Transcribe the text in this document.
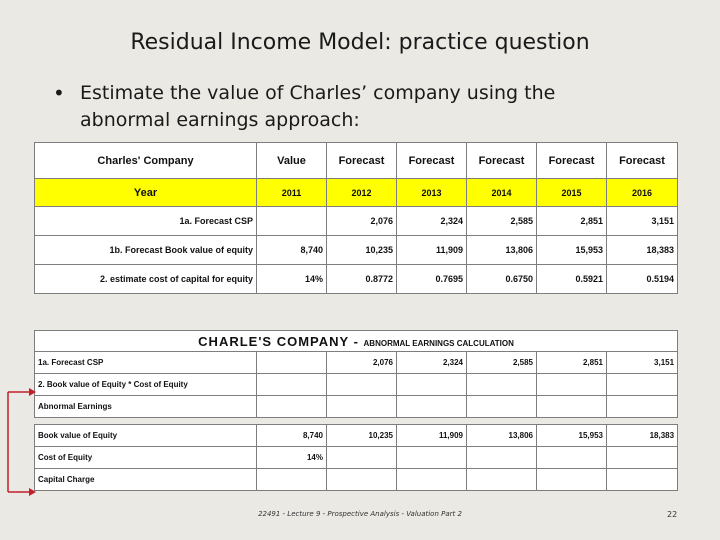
Residual Income Model: practice question
• Estimate the value of Charles’ company using the abnormal earnings approach:
Charles' Company	Value	Forecast	Forecast	Forecast	Forecast	Forecast
Year	2011	2012	2013	2014	2015	2016
1a. Forecast CSP		2,076	2,324	2,585	2,851	3,151
1b. Forecast Book value of equity	8,740	10,235	11,909	13,806	15,953	18,383
2. estimate cost of capital for equity	14%	0.8772	0.7695	0.6750	0.5921	0.5194
CHARLE'S COMPANY - ABNORMAL EARNINGS CALCULATION						
1a. Forecast CSP		2,076	2,324	2,585	2,851	3,151
2. Book value of Equity * Cost of Equity						
Abnormal Earnings						

Book value of Equity	8,740	10,235	11,909	13,806	15,953	18,383
Cost of Equity	14%					
Capital Charge						
22491 - Lecture 9 - Prospective Analysis - Valuation Part 2	22
